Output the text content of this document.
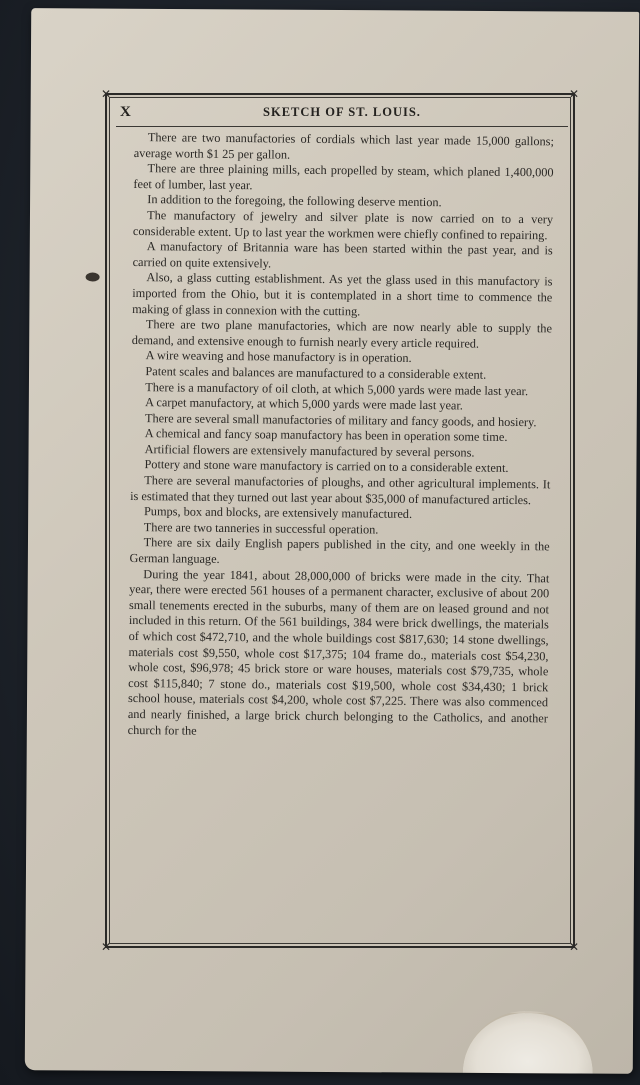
✕	✕
✕	✕
X	SKETCH OF ST. LOUIS.

There are two manufactories of cordials which last year made 15,000 gallons; average worth $1 25 per gallon.

There are three plaining mills, each propelled by steam, which planed 1,400,000 feet of lumber, last year.

In addition to the foregoing, the following deserve mention.

The manufactory of jewelry and silver plate is now carried on to a very considerable extent. Up to last year the workmen were chiefly confined to repairing.

A manufactory of Britannia ware has been started within the past year, and is carried on quite extensively.

Also, a glass cutting establishment. As yet the glass used in this manufactory is imported from the Ohio, but it is contemplated in a short time to commence the making of glass in connexion with the cutting.

There are two plane manufactories, which are now nearly able to supply the demand, and extensive enough to furnish nearly every article required.

A wire weaving and hose manufactory is in operation.

Patent scales and balances are manufactured to a considerable extent.

There is a manufactory of oil cloth, at which 5,000 yards were made last year.

A carpet manufactory, at which 5,000 yards were made last year.

There are several small manufactories of military and fancy goods, and hosiery.

A chemical and fancy soap manufactory has been in operation some time.

Artificial flowers are extensively manufactured by several persons.

Pottery and stone ware manufactory is carried on to a considerable extent.

There are several manufactories of ploughs, and other agricultural implements. It is estimated that they turned out last year about $35,000 of manufactured articles.

Pumps, box and blocks, are extensively manufactured.

There are two tanneries in successful operation.

There are six daily English papers published in the city, and one weekly in the German language.

During the year 1841, about 28,000,000 of bricks were made in the city. That year, there were erected 561 houses of a permanent character, exclusive of about 200 small tenements erected in the suburbs, many of them are on leased ground and not included in this return. Of the 561 buildings, 384 were brick dwellings, the materials of which cost $472,710, and the whole buildings cost $817,630; 14 stone dwellings, materials cost $9,550, whole cost $17,375; 104 frame do., materials cost $54,230, whole cost, $96,978; 45 brick store or ware houses, materials cost $79,735, whole cost $115,840; 7 stone do., materials cost $19,500, whole cost $34,430; 1 brick school house, materials cost $4,200, whole cost $7,225. There was also commenced and nearly finished, a large brick church belonging to the Catholics, and another church for the
